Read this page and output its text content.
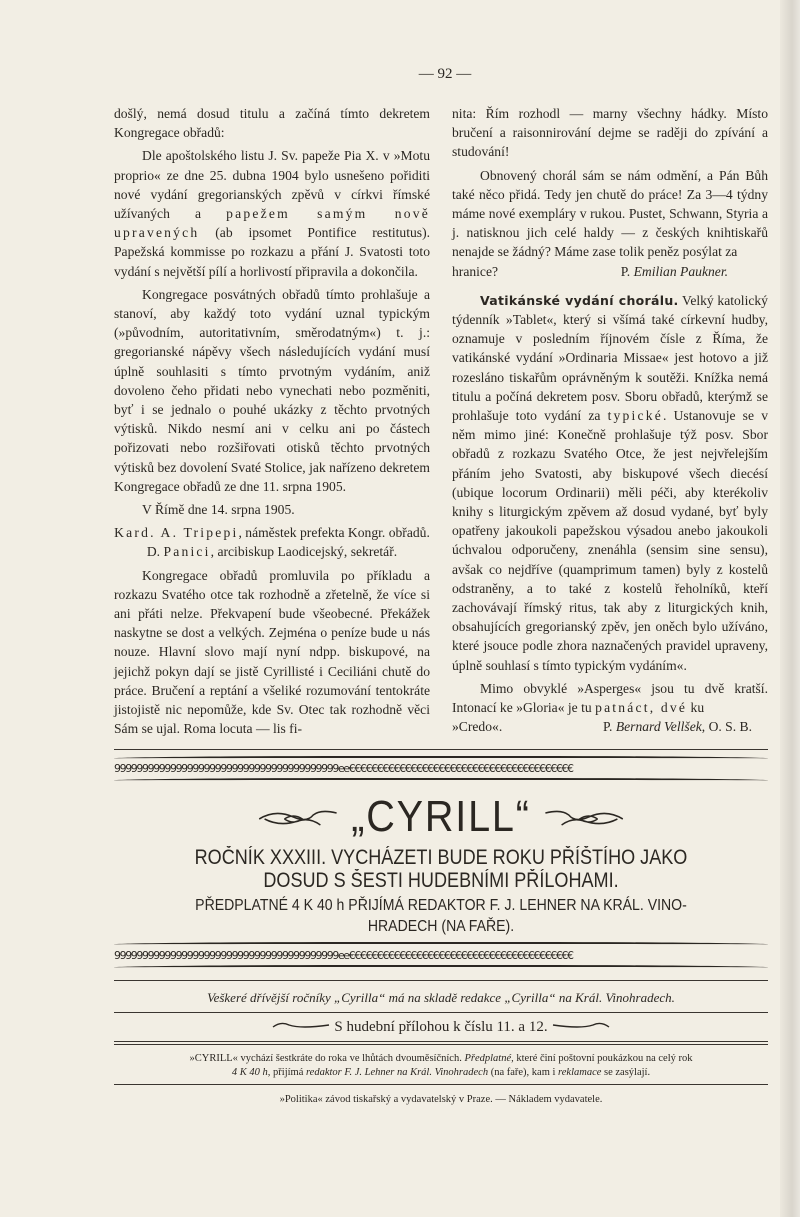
— 92 —

došlý, nemá dosud titulu a začíná tímto dekretem Kongregace obřadů:

Dle apoštolského listu J. Sv. papeže Pia X. v »Motu proprio« ze dne 25. dubna 1904 bylo usnešeno pořiditi nové vydání gregorianských zpěvů v církvi římské užívaných a papežem samým nově upravených (ab ipsomet Pontifice restitutus). Papežská kommisse po rozkazu a přání J. Svatosti toto vydání s největší pílí a horlivostí připravila a dokončila.

Kongregace posvátných obřadů tímto prohlašuje a stanoví, aby každý toto vydání uznal typickým (»původním, autoritativním, směrodatným«) t. j.: gregorianské nápěvy všech následujících vydání musí úplně souhlasiti s tímto prvotným vydáním, aniž dovoleno čeho přidati nebo vynechati nebo pozměniti, byť i se jednalo o pouhé ukázky z těchto prvotných výtisků. Nikdo nesmí ani v celku ani po částech pořizovati nebo rozšiřovati otisků těchto prvotných výtisků bez dovolení Svaté Stolice, jak nařízeno dekretem Kongregace obřadů ze dne 11. srpna 1905.

V Římě dne 14. srpna 1905.

Kard. A. Tripepi, náměstek prefekta Kongr. obřadů. D. Panici, arcibiskup Laodicejský, sekretář.

Kongregace obřadů promluvila po příkladu a rozkazu Svatého otce tak rozhodně a zřetelně, že více si ani přáti nelze. Překvapení bude všeobecné. Překážek naskytne se dost a velkých. Zejména o peníze bude u nás nouze. Hlavní slovo mají nyní ndpp. biskupové, na jejichž pokyn dají se jistě Cyrillisté i Ceciliáni chutě do práce. Bručení a reptání a všeliké rozumování tentokráte jistojistě nic nepomůže, kde Sv. Otec tak rozhodně věci Sám se ujal. Roma locuta — lis fi-

nita: Řím rozhodl — marny všechny hádky. Místo bručení a raisonnirování dejme se raději do zpívání a studování!

Obnovený chorál sám se nám odmění, a Pán Bůh také něco přidá. Tedy jen chutě do práce! Za 3—4 týdny máme nové exempláry v rukou. Pustet, Schwann, Styria a j. natisknou jich celé haldy — z českých knihtiskařů nenajde se žádný? Máme zase tolik peněz posýlat za

hranice?	P. Emilian Paukner.

Vatikánské vydání chorálu. Velký katolický týdenník »Tablet«, který si všímá také církevní hudby, oznamuje v posledním říjnovém čísle z Říma, že vatikánské vydání »Ordinaria Missae« jest hotovo a již rozesláno tiskařům oprávněným k soutěži. Knížka nemá titulu a počíná dekretem posv. Sboru obřadů, kterýmž se prohlašuje toto vydání za typické. Ustanovuje se v něm mimo jiné: Konečně prohlašuje týž posv. Sbor obřadů z rozkazu Svatého Otce, že jest nejvřelejším přáním jeho Svatosti, aby biskupové všech diecésí (ubique locorum Ordinarii) měli péči, aby kterékoliv knihy s liturgickým zpěvem až dosud vydané, byť byly opatřeny jakoukoli papežskou výsadou anebo jakoukoli úchvalou odporučeny, znenáhla (sensim sine sensu), avšak co nejdříve (quamprimum tamen) byly z kostelů odstraněny, a to také z kostelů řeholníků, kteří zachovávají římský ritus, tak aby z liturgických knih, obsahujících gregorianský zpěv, jen oněch bylo užíváno, které jsouce podle zhora naznačených pravidel upraveny, úplně souhlasí s tímto typickým vydáním«.

Mimo obvyklé »Asperges« jsou tu dvě kratší. Intonací ke »Gloria« je tu patnáct, dvé ku

»Credo«.	P. Bernard Vellšek, O. S. B.
9999999999999999999999999999999999999999ee€€€€€€€€€€€€€€€€€€€€€€€€€€€€€€€€€€€€€€€€
„CYRILL“
ROČNÍK XXXIII. VYCHÁZETI BUDE ROKU PŘÍŠTÍHO JAKO
DOSUD S ŠESTI HUDEBNÍMI PŘÍLOHAMI.
PŘEDPLATNÉ 4 K 40 h PŘIJÍMÁ REDAKTOR F. J. LEHNER NA KRÁL. VINO-
HRADECH (NA FAŘE).
9999999999999999999999999999999999999999ee€€€€€€€€€€€€€€€€€€€€€€€€€€€€€€€€€€€€€€€€
Veškeré dřívější ročníky „Cyrilla“ má na skladě redakce „Cyrilla“ na Král. Vinohradech.
S hudební přílohou k číslu 11. a 12.
»CYRILL« vychází šestkráte do roka ve lhůtách dvouměsíčních. Předplatné, které činí poštovní poukázkou na celý rok
4 K 40 h, přijímá redaktor F. J. Lehner na Král. Vinohradech (na faře), kam i reklamace se zasýlají.
»Politika« závod tiskařský a vydavatelský v Praze. — Nákladem vydavatele.
